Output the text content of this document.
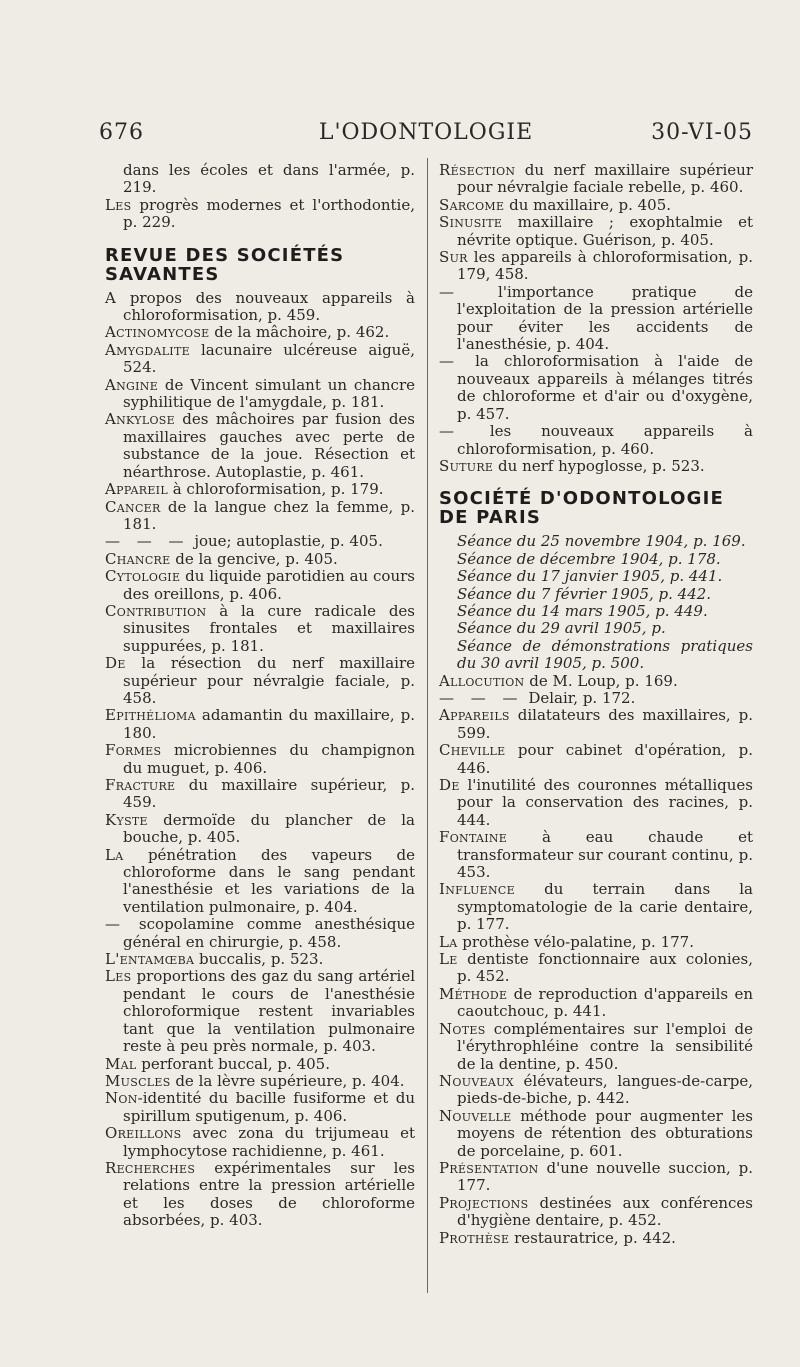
676	L'ODONTOLOGIE	30-VI-05

dans les écoles et dans l'armée, p. 219.

Les progrès modernes et l'orthodontie, p. 229.

REVUE DES SOCIÉTÉS SAVANTES

A propos des nouveaux appareils à chloroformisation, p. 459.

Actinomycose de la mâchoire, p. 462.

Amygdalite lacunaire ulcéreuse aiguë, 524.

Angine de Vincent simulant un chancre syphilitique de l'amygdale, p. 181.

Ankylose des mâchoires par fusion des maxillaires gauches avec perte de substance de la joue. Résection et néarthrose. Autoplastie, p. 461.

Appareil à chloroformisation, p. 179.

Cancer de la langue chez la femme, p. 181.

— — — joue; autoplastie, p. 405.

Chancre de la gencive, p. 405.

Cytologie du liquide parotidien au cours des oreillons, p. 406.

Contribution à la cure radicale des sinusites frontales et maxillaires suppurées, p. 181.

De la résection du nerf maxillaire supérieur pour névralgie faciale, p. 458.

Epithélioma adamantin du maxillaire, p. 180.

Formes microbiennes du champignon du muguet, p. 406.

Fracture du maxillaire supérieur, p. 459.

Kyste dermoïde du plancher de la bouche, p. 405.

La pénétration des vapeurs de chloroforme dans le sang pendant l'anesthésie et les variations de la ventilation pulmonaire, p. 404.

— scopolamine comme anesthésique général en chirurgie, p. 458.

L'entamœba buccalis, p. 523.

Les proportions des gaz du sang artériel pendant le cours de l'anesthésie chloroformique restent invariables tant que la ventilation pulmonaire reste à peu près normale, p. 403.

Mal perforant buccal, p. 405.

Muscles de la lèvre supérieure, p. 404.

Non-identité du bacille fusiforme et du spirillum sputigenum, p. 406.

Oreillons avec zona du trijumeau et lymphocytose rachidienne, p. 461.

Recherches expérimentales sur les relations entre la pression artérielle et les doses de chloroforme absorbées, p. 403.

Résection du nerf maxillaire supérieur pour névralgie faciale rebelle, p. 460.

Sarcome du maxillaire, p. 405.

Sinusite maxillaire ; exophtalmie et névrite optique. Guérison, p. 405.

Sur les appareils à chloroformisation, p. 179, 458.

— l'importance pratique de l'exploitation de la pression artérielle pour éviter les accidents de l'anesthésie, p. 404.

— la chloroformisation à l'aide de nouveaux appareils à mélanges titrés de chloroforme et d'air ou d'oxygène, p. 457.

— les nouveaux appareils à chloroformisation, p. 460.

Suture du nerf hypoglosse, p. 523.

SOCIÉTÉ D'ODONTOLOGIE DE PARIS

Séance du 25 novembre 1904, p. 169.

Séance de décembre 1904, p. 178.

Séance du 17 janvier 1905, p. 441.

Séance du 7 février 1905, p. 442.

Séance du 14 mars 1905, p. 449.

Séance du 29 avril 1905, p.

Séance de démonstrations pratiques du 30 avril 1905, p. 500.

Allocution de M. Loup, p. 169.

— — — Delair, p. 172.

Appareils dilatateurs des maxillaires, p. 599.

Cheville pour cabinet d'opération, p. 446.

De l'inutilité des couronnes métalliques pour la conservation des racines, p. 444.

Fontaine à eau chaude et transformateur sur courant continu, p. 453.

Influence du terrain dans la symptomatologie de la carie dentaire, p. 177.

La prothèse vélo-palatine, p. 177.

Le dentiste fonctionnaire aux colonies, p. 452.

Méthode de reproduction d'appareils en caoutchouc, p. 441.

Notes complémentaires sur l'emploi de l'érythrophléine contre la sensibilité de la dentine, p. 450.

Nouveaux élévateurs, langues-de-carpe, pieds-de-biche, p. 442.

Nouvelle méthode pour augmenter les moyens de rétention des obturations de porcelaine, p. 601.

Présentation d'une nouvelle succion, p. 177.

Projections destinées aux conférences d'hygiène dentaire, p. 452.

Prothèse restauratrice, p. 442.
